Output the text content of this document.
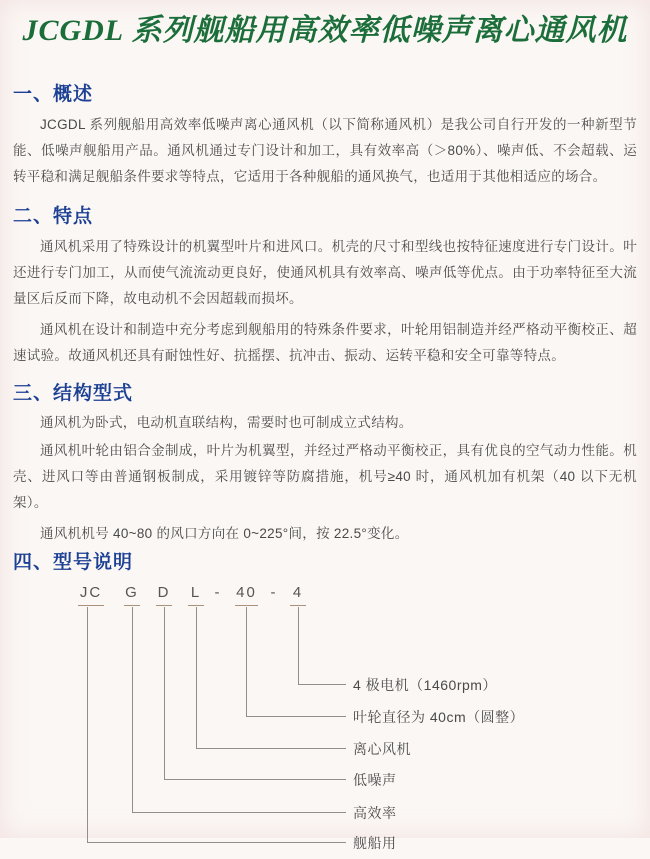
JCGDL 系列舰船用高效率低噪声离心通风机
一、概述

JCGDL 系列舰船用高效率低噪声离心通风机（以下简称通风机）是我公司自行开发的一种新型节能、低噪声舰船用产品。通风机通过专门设计和加工，具有效率高（＞80%）、噪声低、不会超载、运转平稳和满足舰船条件要求等特点，它适用于各种舰船的通风换气，也适用于其他相适应的场合。

二、特点

通风机采用了特殊设计的机翼型叶片和进风口。机壳的尺寸和型线也按特征速度进行专门设计。叶还进行专门加工，从而使气流流动更良好，使通风机具有效率高、噪声低等优点。由于功率特征至大流量区后反而下降，故电动机不会因超载而损坏。

通风机在设计和制造中充分考虑到舰船用的特殊条件要求，叶轮用铝制造并经严格动平衡校正、超速试验。故通风机还具有耐蚀性好、抗摇摆、抗冲击、振动、运转平稳和安全可靠等特点。

三、结构型式

通风机为卧式，电动机直联结构，需要时也可制成立式结构。

通风机叶轮由铝合金制成，叶片为机翼型，并经过严格动平衡校正，具有优良的空气动力性能。机壳、进风口等由普通钢板制成，采用镀锌等防腐措施，机号≥40 时，通风机加有机架（40 以下无机架）。

通风机机号 40~80 的风口方向在 0~225°间，按 22.5°变化。

四、型号说明
JC G D L - 40 - 4
4 极电机（1460rpm）
叶轮直径为 40cm（圆整）
离心风机
低噪声
高效率
舰船用
